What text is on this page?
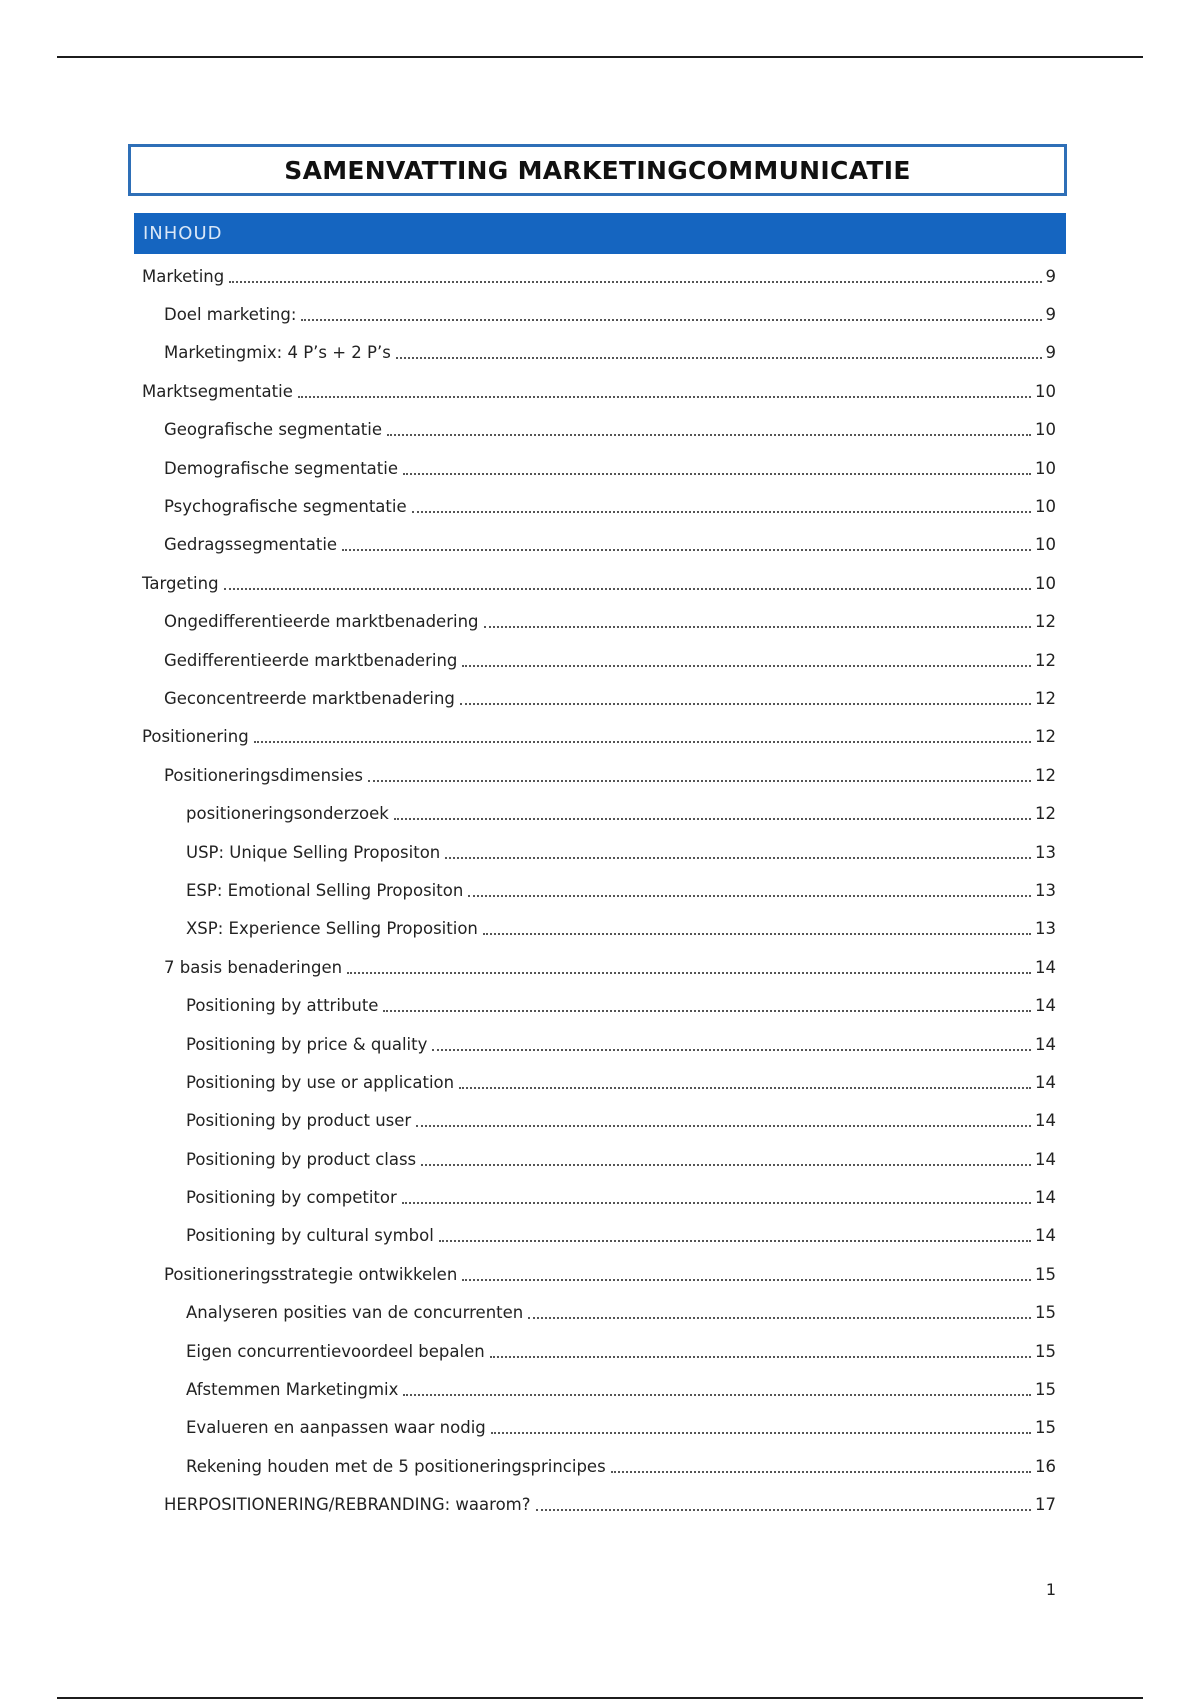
SAMENVATTING MARKETINGCOMMUNICATIE
INHOUD
Marketing	9
Doel marketing:	9
Marketingmix: 4 P’s + 2 P’s	9
Marktsegmentatie	10
Geografische segmentatie	10
Demografische segmentatie	10
Psychografische segmentatie	10
Gedragssegmentatie	10
Targeting	10
Ongedifferentieerde marktbenadering	12
Gedifferentieerde marktbenadering	12
Geconcentreerde marktbenadering	12
Positionering	12
Positioneringsdimensies	12
positioneringsonderzoek	12
USP: Unique Selling Propositon	13
ESP: Emotional Selling Propositon	13
XSP: Experience Selling Proposition	13
7 basis benaderingen	14
Positioning by attribute	14
Positioning by price & quality	14
Positioning by use or application	14
Positioning by product user	14
Positioning by product class	14
Positioning by competitor	14
Positioning by cultural symbol	14
Positioneringsstrategie ontwikkelen	15
Analyseren posities van de concurrenten	15
Eigen concurrentievoordeel bepalen	15
Afstemmen Marketingmix	15
Evalueren en aanpassen waar nodig	15
Rekening houden met de 5 positioneringsprincipes	16
HERPOSITIONERING/REBRANDING: waarom?	17
1
